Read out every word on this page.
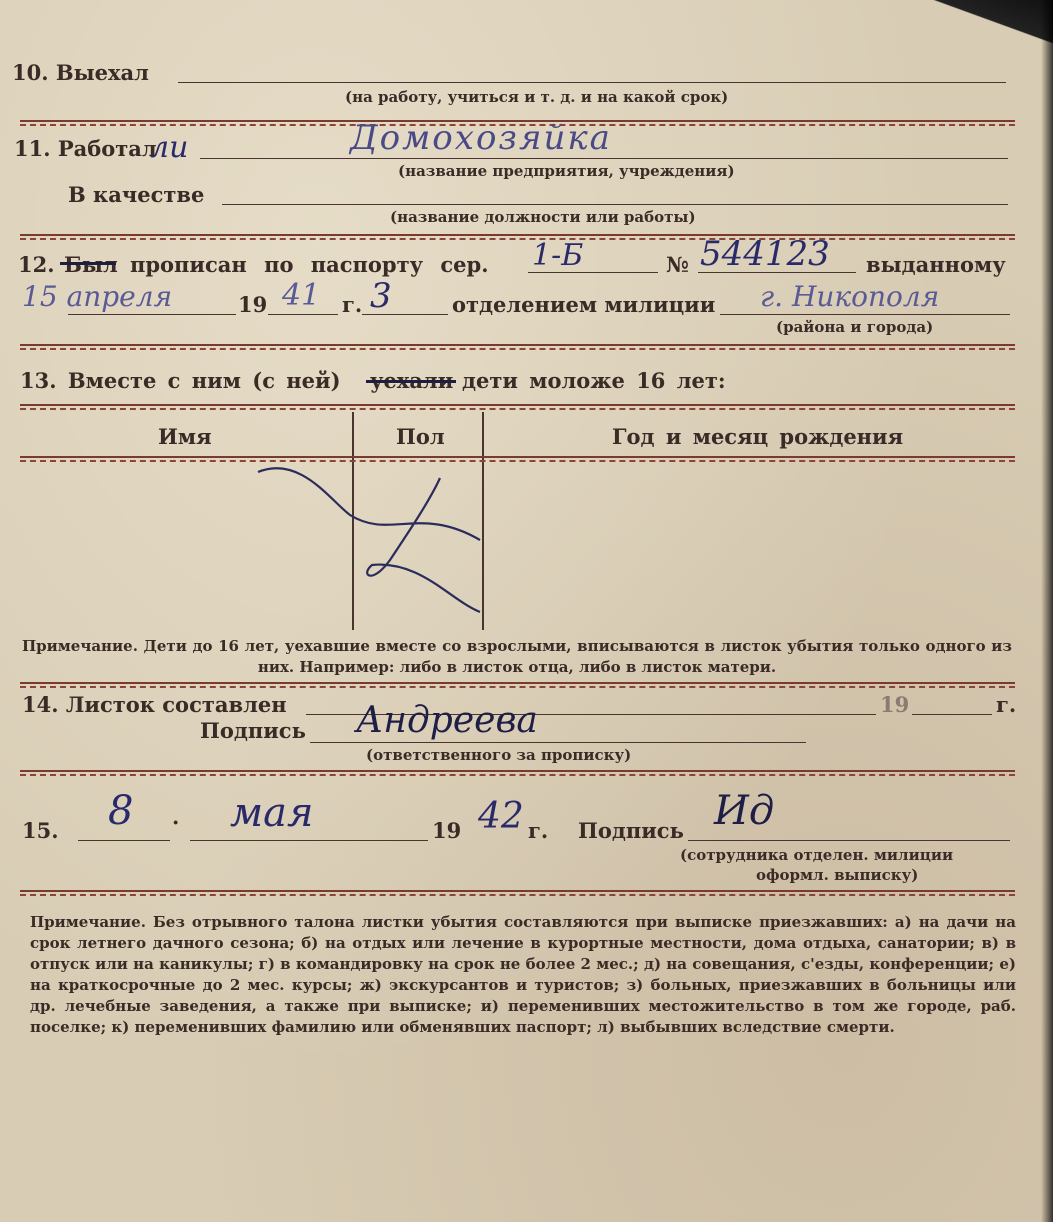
10. Выехал
(на работу, учиться и т. д. и на какой срок)
11. Работал
ли	Домохозяйка
(название предприятия, учреждения)
В качестве
(название должности или работы)
12. Был прописан по паспорту сер. 1-Б	№ 544123 выданному
15 апреля	19 41 г. 3	отделением милиции г. Никополя
(района и города)
13. Вместе с ним (с ней) уехали дети моложе 16 лет:
Имя	Пол	Год и месяц рождения
Примечание. Дети до 16 лет, уехавшие вместе со взрослыми, вписываются в листок убытия только одного из них. Например: либо в листок отца, либо в листок матери.
14. Листок составлен	19	г.
Подпись Андреева
(ответственного за прописку)
15. 8 · мая	19 42 г. Подпись Ид
(сотрудника отделен. милиции
оформл. выписку)
Примечание. Без отрывного талона листки убытия составляются при выписке приезжавших: а) на дачи на срок летнего дачного сезона; б) на отдых или лечение в курортные местности, дома отдыха, санатории; в) в отпуск или на каникулы; г) в командировку на срок не более 2 мес.; д) на совещания, с'езды, конференции; е) на краткосрочные до 2 мес. курсы; ж) экскурсантов и туристов; з) больных, приезжавших в больницы или др. лечебные заведения, а также при выписке; и) переменивших местожительство в том же городе, раб. поселке; к) переменивших фамилию или обменявших паспорт; л) выбывших вследствие смерти.
